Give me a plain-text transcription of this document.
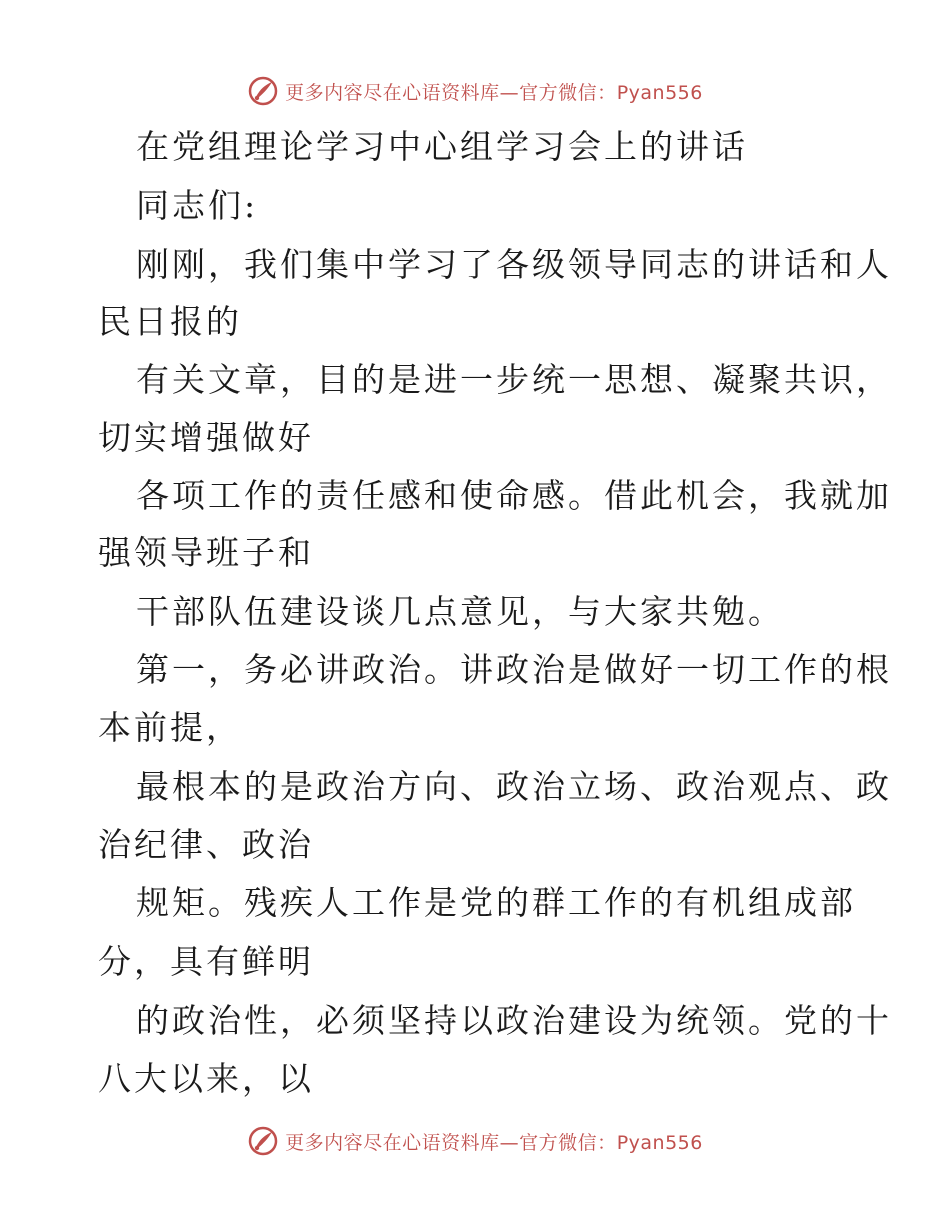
更多内容尽在心语资料库—官方微信：Pyan556
在党组理论学习中心组学习会上的讲话
同志们:
刚刚，我们集中学习了各级领导同志的讲话和人
民日报的
有关文章，目的是进一步统一思想、凝聚共识，
切实增强做好
各项工作的责任感和使命感。借此机会，我就加
强领导班子和
干部队伍建设谈几点意见，与大家共勉。
第一，务必讲政治。讲政治是做好一切工作的根
本前提，
最根本的是政治方向、政治立场、政治观点、政
治纪律、政治
规矩。残疾人工作是党的群工作的有机组成部
分，具有鲜明
的政治性，必须坚持以政治建设为统领。党的十
八大以来，以
更多内容尽在心语资料库—官方微信：Pyan556
